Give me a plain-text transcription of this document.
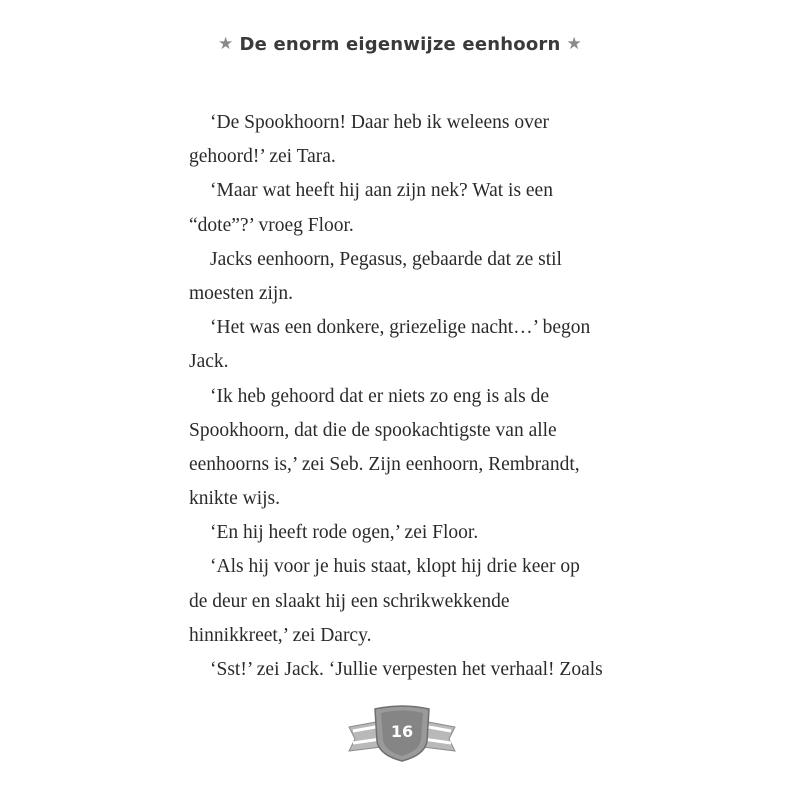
★ De enorm eigenwijze eenhoorn ★
‘De Spookhoorn! Daar heb ik weleens over
gehoord!’ zei Tara.
‘Maar wat heeft hij aan zijn nek? Wat is een
“dote”?’ vroeg Floor.
Jacks eenhoorn, Pegasus, gebaarde dat ze stil
moesten zijn.
‘Het was een donkere, griezelige nacht…’ begon
Jack.
‘Ik heb gehoord dat er niets zo eng is als de
Spookhoorn, dat die de spookachtigste van alle
eenhoorns is,’ zei Seb. Zijn eenhoorn, Rembrandt,
knikte wijs.
‘En hij heeft rode ogen,’ zei Floor.
‘Als hij voor je huis staat, klopt hij drie keer op
de deur en slaakt hij een schrikwekkende
hinnikkreet,’ zei Darcy.
‘Sst!’ zei Jack. ‘Jullie verpesten het verhaal! Zoals
16
